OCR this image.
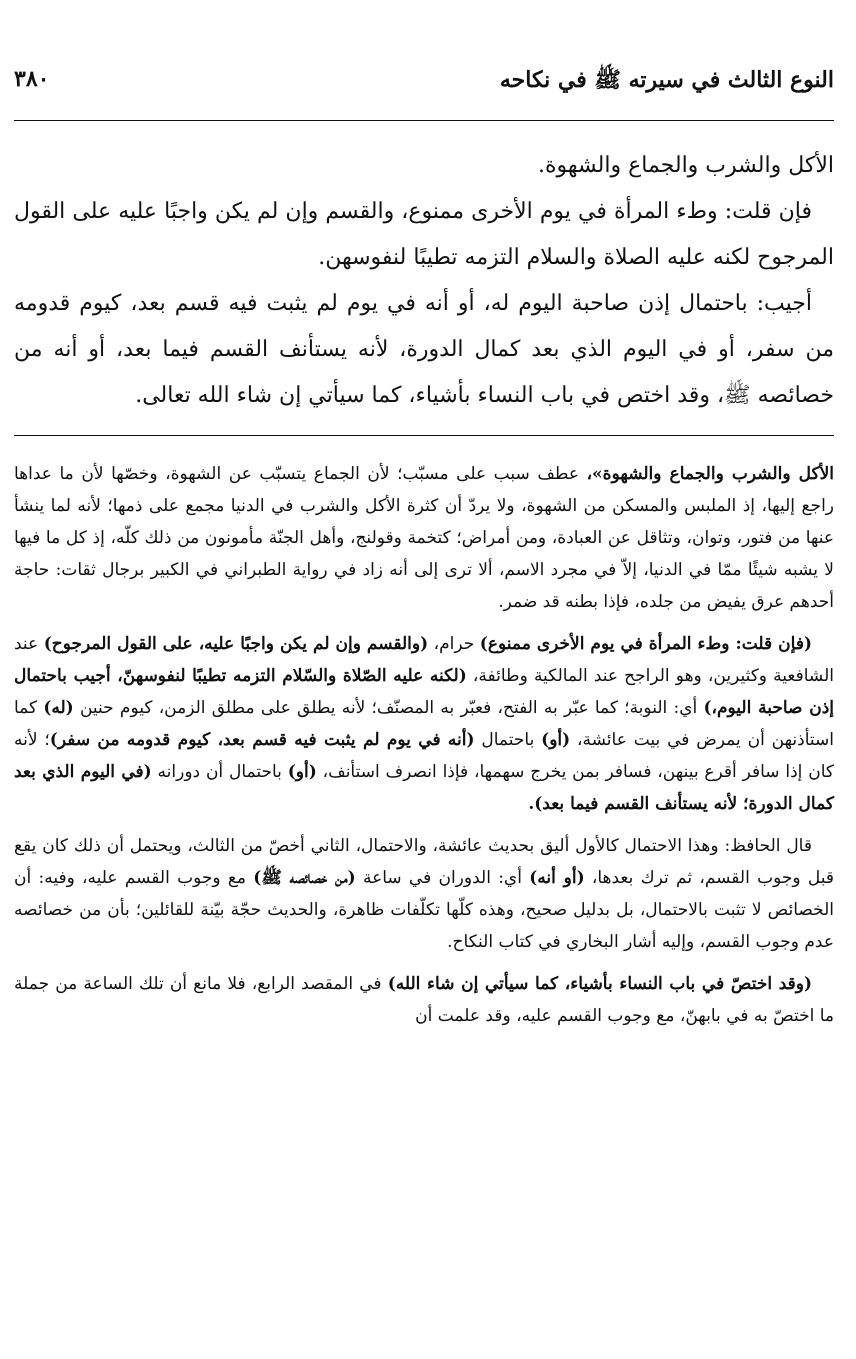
النوع الثالث في سيرته ﷺ في نكاحه
٣٨٠

الأكل والشرب والجماع والشهوة.

فإن قلت: وطء المرأة في يوم الأخرى ممنوع، والقسم وإن لم يكن واجبًا عليه على القول المرجوح لكنه عليه الصلاة والسلام التزمه تطيبًا لنفوسهن.

أجيب: باحتمال إذن صاحبة اليوم له، أو أنه في يوم لم يثبت فيه قسم بعد، كيوم قدومه من سفر، أو في اليوم الذي بعد كمال الدورة، لأنه يستأنف القسم فيما بعد، أو أنه من خصائصه ﷺ، وقد اختص في باب النساء بأشياء، كما سيأتي إن شاء الله تعالى.

الأكل والشرب والجماع والشهوة»، عطف سبب على مسبّب؛ لأن الجماع يتسبّب عن الشهوة، وخصّها لأن ما عداها راجع إليها، إذ الملبس والمسكن من الشهوة، ولا يردّ أن كثرة الأكل والشرب في الدنيا مجمع على ذمها؛ لأنه لما ينشأ عنها من فتور، وتوان، وتثاقل عن العبادة، ومن أمراض؛ كتخمة وقولنج، وأهل الجنّة مأمونون من ذلك كلّه، إذ كل ما فيها لا يشبه شيئًا ممّا في الدنيا، إلاّ في مجرد الاسم، ألا ترى إلى أنه زاد في رواية الطبراني في الكبير برجال ثقات: حاجة أحدهم عرق يفيض من جلده، فإذا بطنه قد ضمر.

(فإن قلت: وطء المرأة في يوم الأخرى ممنوع) حرام، (والقسم وإن لم يكن واجبًا عليه، على القول المرجوح) عند الشافعية وكثيرين، وهو الراجح عند المالكية وطائفة، (لكنه عليه الصّلاة والسّلام التزمه تطيبًا لنفوسهنّ، أجيب باحتمال إذن صاحبة اليوم،) أي: النوبة؛ كما عبّر به الفتح، فعبّر به المصنّف؛ لأنه يطلق على مطلق الزمن، كيوم حنين (له) كما استأذنهن أن يمرض في بيت عائشة، (أو) باحتمال (أنه في يوم لم يثبت فيه قسم بعد، كيوم قدومه من سفر)؛ لأنه كان إذا سافر أقرع بينهن، فسافر بمن يخرج سهمها، فإذا انصرف استأنف، (أو) باحتمال أن دورانه (في اليوم الذي بعد كمال الدورة؛ لأنه يستأنف القسم فيما بعد).

قال الحافظ: وهذا الاحتمال كالأول أليق بحديث عائشة، والاحتمال، الثاني أخصّ من الثالث، ويحتمل أن ذلك كان يقع قبل وجوب القسم، ثم ترك بعدها، (أو أنه) أي: الدوران في ساعة (من خصائصه ﷺ) مع وجوب القسم عليه، وفيه: أن الخصائص لا تثبت بالاحتمال، بل بدليل صحيح، وهذه كلّها تكلّفات ظاهرة، والحديث حجّة بيّنة للقائلين؛ بأن من خصائصه عدم وجوب القسم، وإليه أشار البخاري في كتاب النكاح.

(وقد اختصّ في باب النساء بأشياء، كما سيأتي إن شاء الله) في المقصد الرابع، فلا مانع أن تلك الساعة من جملة ما اختصّ به في بابهنّ، مع وجوب القسم عليه، وقد علمت أن
